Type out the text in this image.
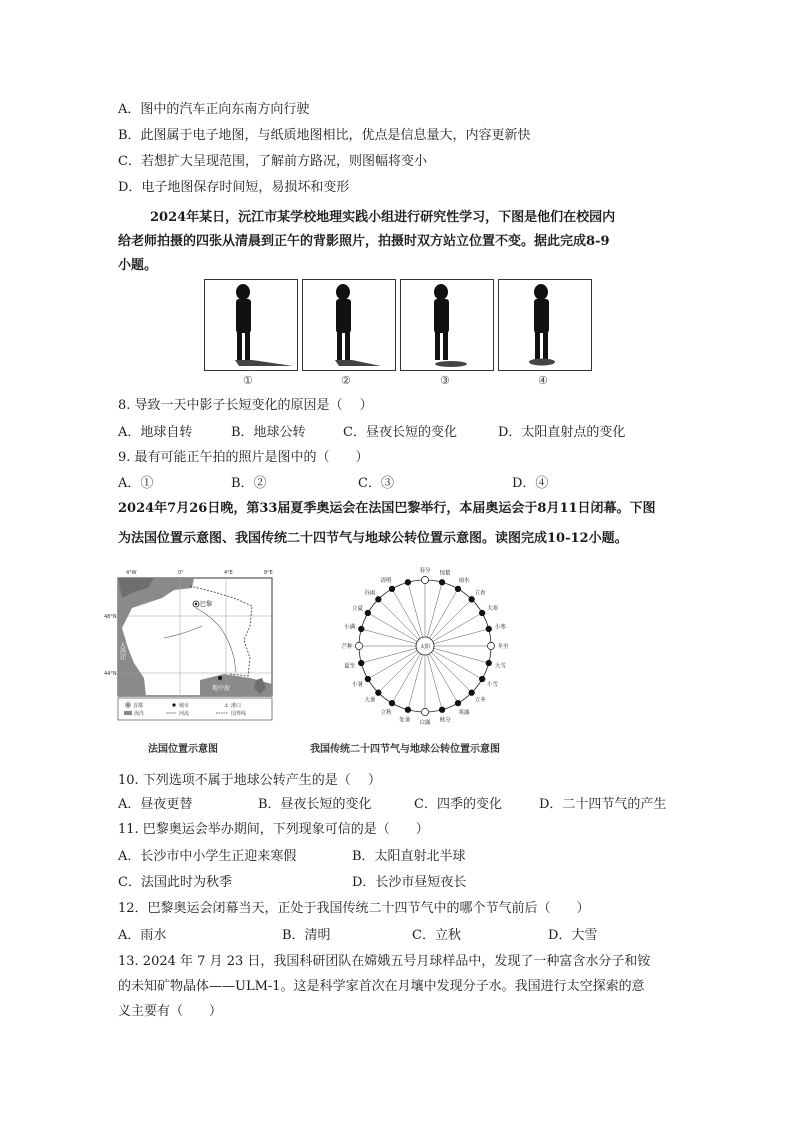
A．图中的汽车正向东南方向行驶
B．此图属于电子地图，与纸质地图相比，优点是信息量大，内容更新快
C．若想扩大呈现范围，了解前方路况，则图幅将变小
D．电子地图保存时间短，易损坏和变形
2024年某日，沅江市某学校地理实践小组进行研究性学习，下图是他们在校园内
给老师拍摄的四张从清晨到正午的背影照片，拍摄时双方站立位置不变。据此完成8-9
小题。
①	②	③	④
8. 导致一天中影子长短变化的原因是（　 ）
A．地球自转	B．地球公转	C．昼夜长短的变化	D．太阳直射点的变化
9. 最有可能正午拍的照片是图中的（　　）
A．①	B．②	C．③	D．④
2024年7月26日晚，第33届夏季奥运会在法国巴黎举行，本届奥运会于8月11日闭幕。下图
为法国位置示意图、我国传统二十四节气与地球公转位置示意图。读图完成10-12小题。
4°W	0°	4°E	8°E
48°N
44°N
巴黎
大西洋
地中海
首都	城市	⚓ 港口
海洋	河流	国界线
法国位置示意图
太阳
春分 惊蛰
雨水
立春
大寒
小寒
冬至
大雪
小雪
立冬
寒露
秋分
白露
处暑
立秋
大暑
小暑
夏至
芒种
小满
立夏
谷雨
清明
我国传统二十四节气与地球公转位置示意图
10. 下列选项不属于地球公转产生的是（　 ）
A．昼夜更替	B．昼夜长短的变化	C．四季的变化	D．二十四节气的产生
11. 巴黎奥运会举办期间，下列现象可信的是（　　）
A．长沙市中小学生正迎来寒假	B．太阳直射北半球
C．法国此时为秋季	D．长沙市昼短夜长
12．巴黎奥运会闭幕当天，正处于我国传统二十四节气中的哪个节气前后（　　）
A．雨水	B．清明	C．立秋	D．大雪
13. 2024 年 7 月 23 日，我国科研团队在嫦娥五号月球样品中，发现了一种富含水分子和铵
的未知矿物晶体——ULM-1。这是科学家首次在月壤中发现分子水。我国进行太空探索的意
义主要有（　　）
